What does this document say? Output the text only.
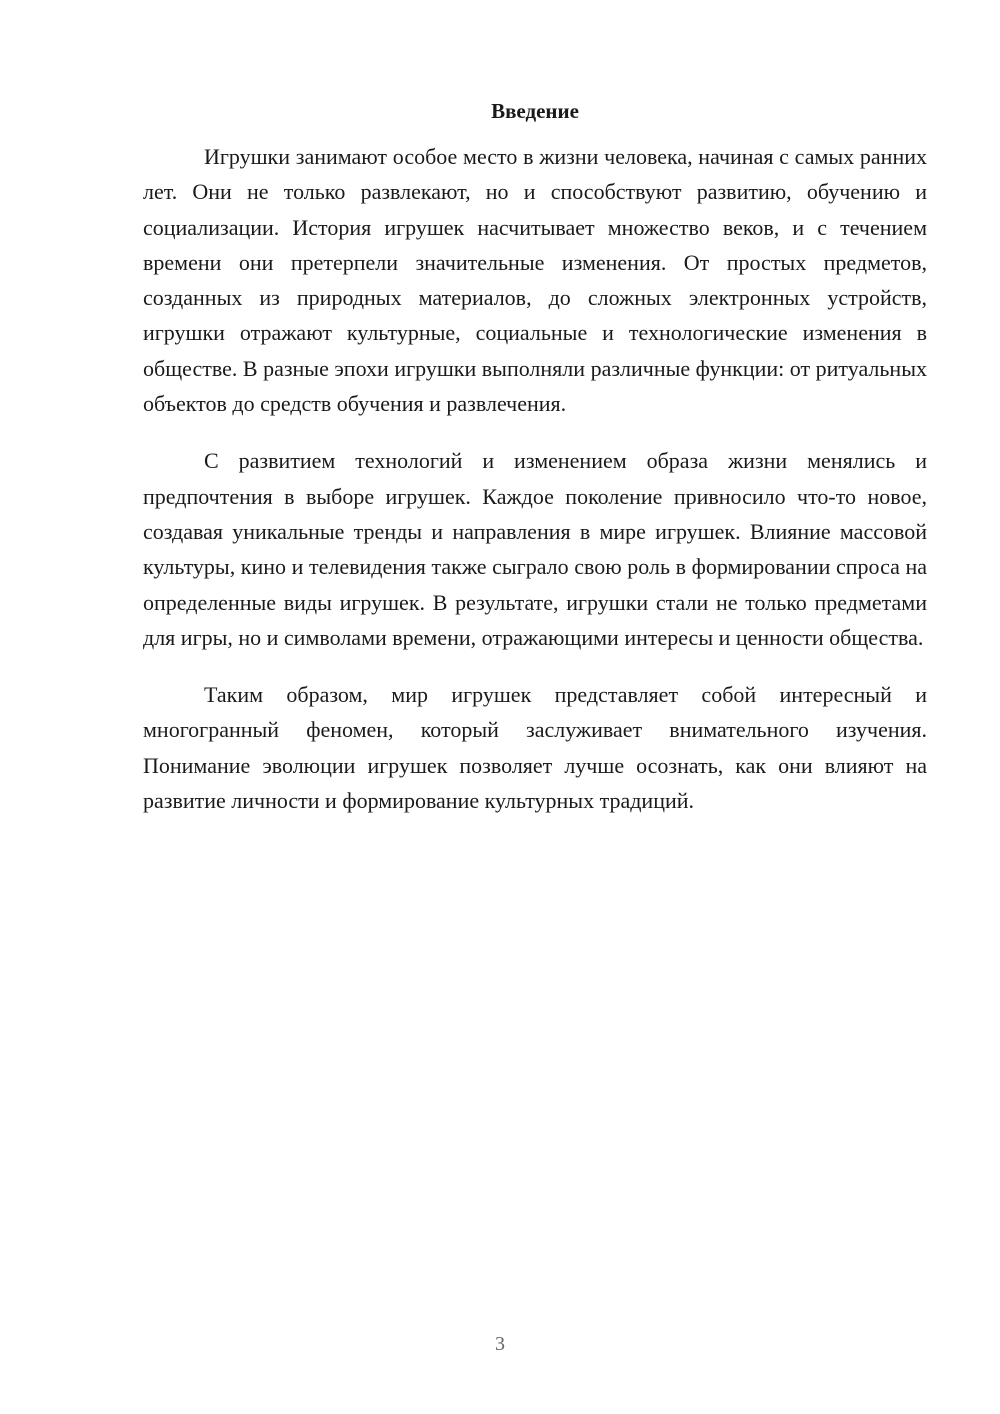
Введение

Игрушки занимают особое место в жизни человека, начиная с самых ранних лет. Они не только развлекают, но и способствуют развитию, обучению и социализации. История игрушек насчитывает множество веков, и с течением времени они претерпели значительные изменения. От простых предметов, созданных из природных материалов, до сложных электронных устройств, игрушки отражают культурные, социальные и технологические изменения в обществе. В разные эпохи игрушки выполняли различные функции: от ритуальных объектов до средств обучения и развлечения.

С развитием технологий и изменением образа жизни менялись и предпочтения в выборе игрушек. Каждое поколение привносило что-то новое, создавая уникальные тренды и направления в мире игрушек. Влияние массовой культуры, кино и телевидения также сыграло свою роль в формировании спроса на определенные виды игрушек. В результате, игрушки стали не только предметами для игры, но и символами времени, отражающими интересы и ценности общества.

Таким образом, мир игрушек представляет собой интересный и многогранный феномен, который заслуживает внимательного изучения. Понимание эволюции игрушек позволяет лучше осознать, как они влияют на развитие личности и формирование культурных традиций.

3
